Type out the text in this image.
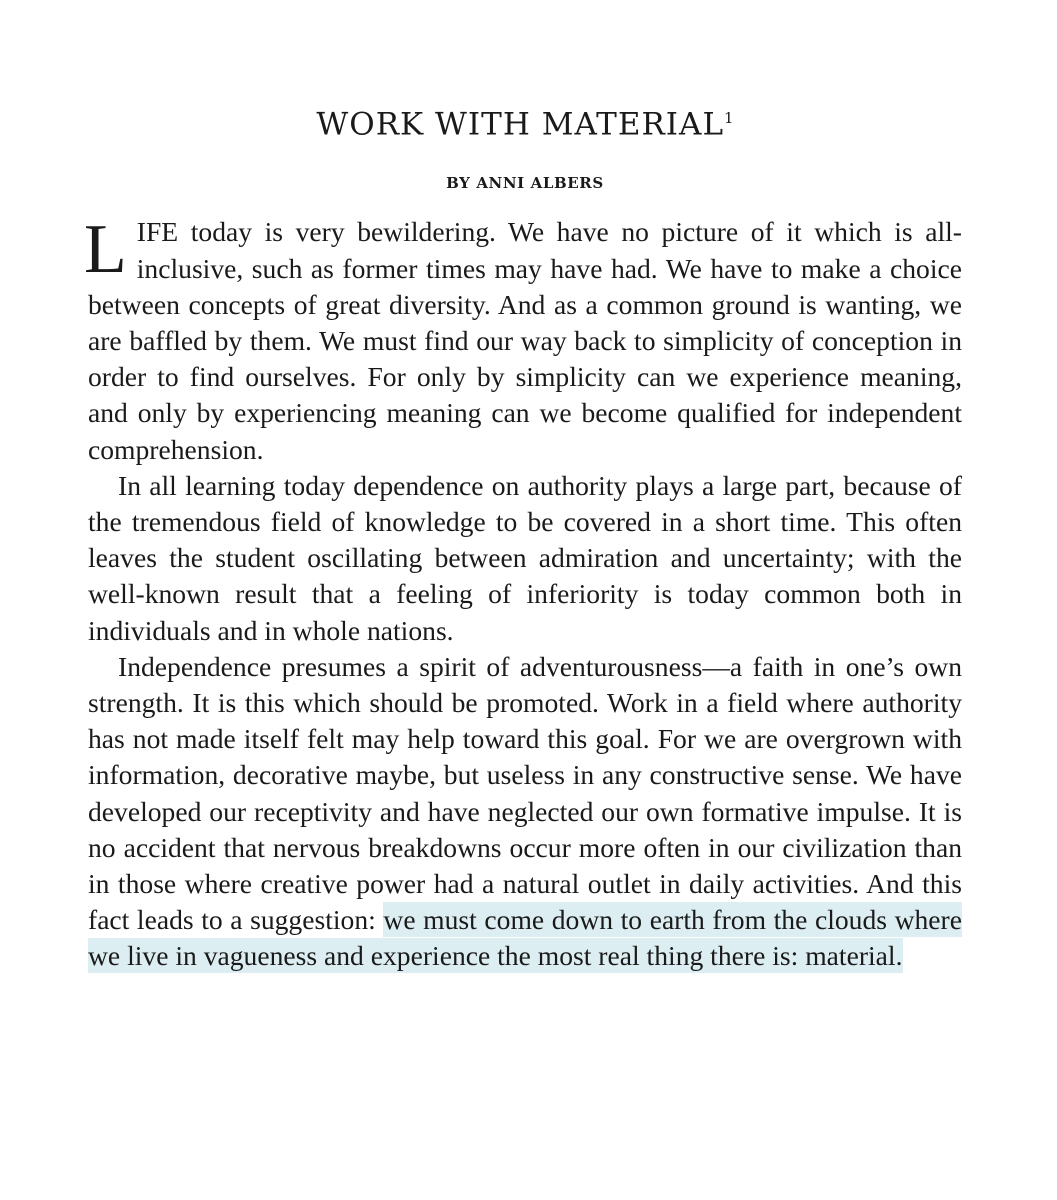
WORK WITH MATERIAL$^1$
BY ANNI ALBERS

LIFE today is very bewildering. We have no picture of it which is all-inclusive, such as former times may have had. We have to make a choice between concepts of great diversity. And as a common ground is wanting, we are baffled by them. We must find our way back to simplicity of conception in order to find ourselves. For only by simplicity can we experience meaning, and only by experiencing meaning can we become qualified for independent comprehension.

In all learning today dependence on authority plays a large part, because of the tremendous field of knowledge to be covered in a short time. This often leaves the student oscillating between admiration and uncertainty; with the well-known result that a feeling of inferiority is today common both in individuals and in whole nations.

Independence presumes a spirit of adventurousness—a faith in one’s own strength. It is this which should be promoted. Work in a field where authority has not made itself felt may help toward this goal. For we are overgrown with information, decorative maybe, but useless in any constructive sense. We have developed our receptivity and have neglected our own formative impulse. It is no accident that nervous breakdowns occur more often in our civilization than in those where creative power had a natural outlet in daily activities. And this fact leads to a suggestion: we must come down to earth from the clouds where we live in vagueness and experience the most real thing there is: material.
